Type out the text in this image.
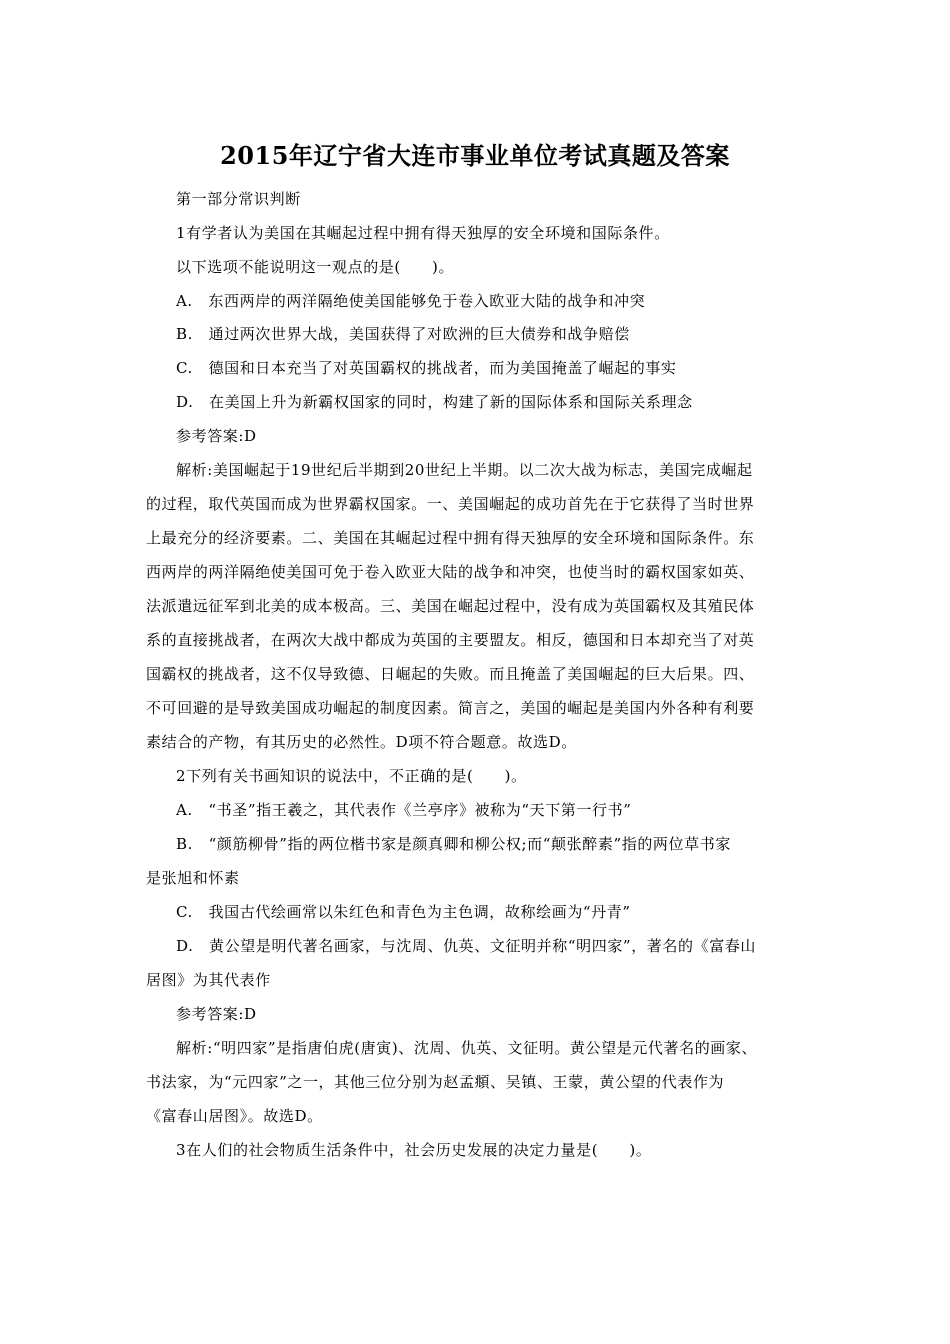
2015年辽宁省大连市事业单位考试真题及答案
第一部分常识判断
1有学者认为美国在其崛起过程中拥有得天独厚的安全环境和国际条件。
以下选项不能说明这一观点的是(　　)。
A.　东西两岸的两洋隔绝使美国能够免于卷入欧亚大陆的战争和冲突
B.　通过两次世界大战，美国获得了对欧洲的巨大债券和战争赔偿
C.　德国和日本充当了对英国霸权的挑战者，而为美国掩盖了崛起的事实
D.　在美国上升为新霸权国家的同时，构建了新的国际体系和国际关系理念
参考答案:D
解析:美国崛起于19世纪后半期到20世纪上半期。以二次大战为标志，美国完成崛起
的过程，取代英国而成为世界霸权国家。一、美国崛起的成功首先在于它获得了当时世界
上最充分的经济要素。二、美国在其崛起过程中拥有得天独厚的安全环境和国际条件。东
西两岸的两洋隔绝使美国可免于卷入欧亚大陆的战争和冲突，也使当时的霸权国家如英、
法派遣远征军到北美的成本极高。三、美国在崛起过程中，没有成为英国霸权及其殖民体
系的直接挑战者，在两次大战中都成为英国的主要盟友。相反，德国和日本却充当了对英
国霸权的挑战者，这不仅导致德、日崛起的失败。而且掩盖了美国崛起的巨大后果。四、
不可回避的是导致美国成功崛起的制度因素。简言之，美国的崛起是美国内外各种有利要
素结合的产物，有其历史的必然性。D项不符合题意。故选D。
2下列有关书画知识的说法中，不正确的是(　　)。
A.　“书圣”指王羲之，其代表作《兰亭序》被称为“天下第一行书”
B.　“颜筋柳骨”指的两位楷书家是颜真卿和柳公权;而“颠张醉素”指的两位草书家
是张旭和怀素
C.　我国古代绘画常以朱红色和青色为主色调，故称绘画为“丹青”
D.　黄公望是明代著名画家，与沈周、仇英、文征明并称“明四家”，著名的《富春山
居图》为其代表作
参考答案:D
解析:“明四家”是指唐伯虎(唐寅)、沈周、仇英、文征明。黄公望是元代著名的画家、
书法家，为“元四家”之一，其他三位分别为赵孟頫、吴镇、王蒙，黄公望的代表作为
《富春山居图》。故选D。
3在人们的社会物质生活条件中，社会历史发展的决定力量是(　　)。
